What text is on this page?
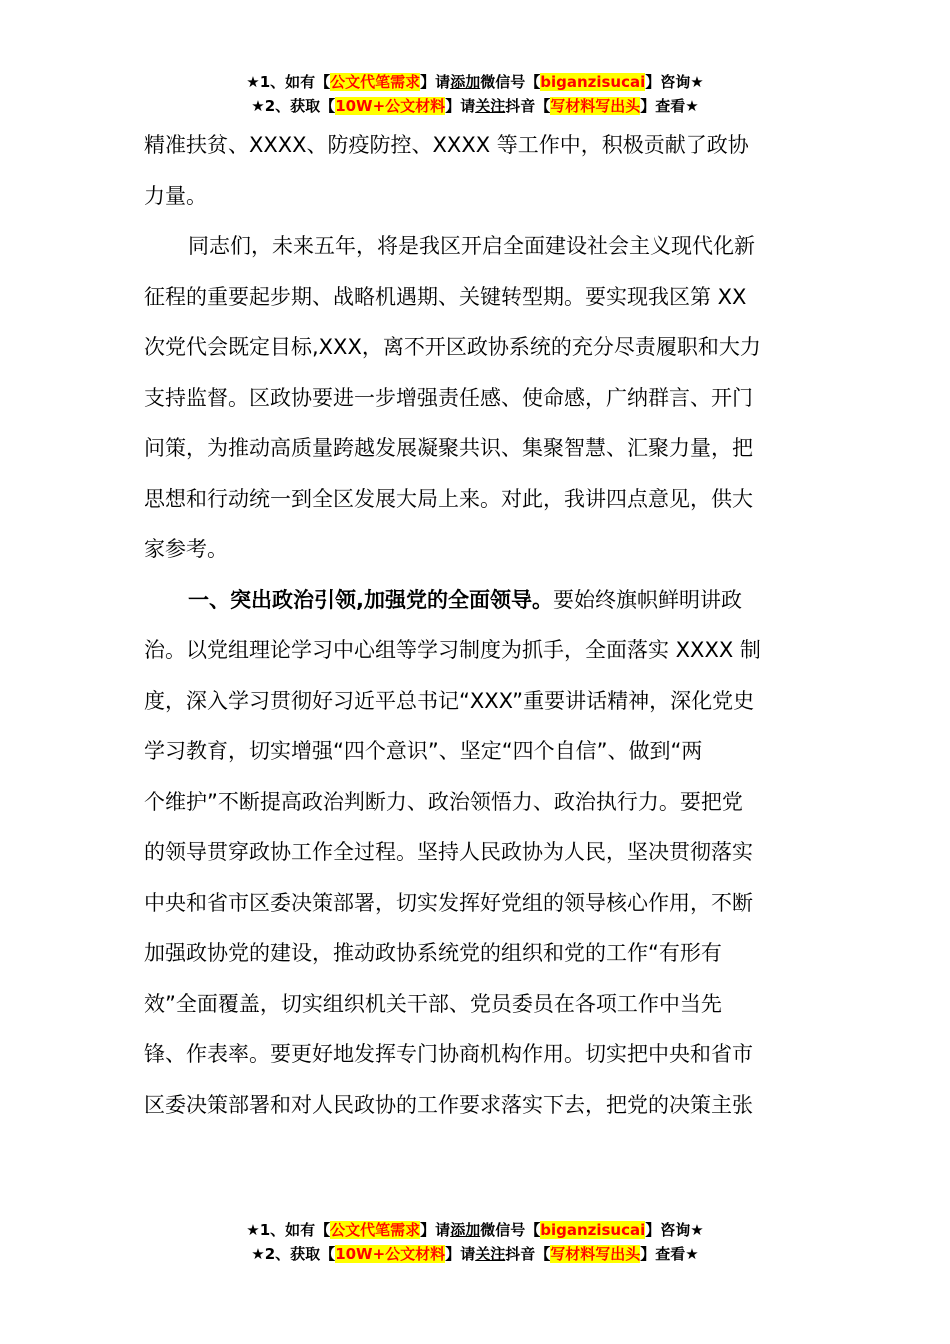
★1、如有【公文代笔需求】请添加微信号【biganzisucai】咨询★
★2、获取【10W+公文材料】请关注抖音【写材料写出头】查看★

精准扶贫、XXXX、防疫防控、XXXX 等工作中，积极贡献了政协

力量。

同志们，未来五年，将是我区开启全面建设社会主义现代化新

征程的重要起步期、战略机遇期、关键转型期。要实现我区第 XX

次党代会既定目标,XXX，离不开区政协系统的充分尽责履职和大力

支持监督。区政协要进一步增强责任感、使命感，广纳群言、开门

问策，为推动高质量跨越发展凝聚共识、集聚智慧、汇聚力量，把

思想和行动统一到全区发展大局上来。对此，我讲四点意见，供大

家参考。

一、突出政治引领,加强党的全面领导。要始终旗帜鲜明讲政

治。以党组理论学习中心组等学习制度为抓手，全面落实 XXXX 制

度，深入学习贯彻好习近平总书记“XXX”重要讲话精神，深化党史

学习教育，切实增强“四个意识”、坚定“四个自信”、做到“两

个维护”不断提高政治判断力、政治领悟力、政治执行力。要把党

的领导贯穿政协工作全过程。坚持人民政协为人民，坚决贯彻落实

中央和省市区委决策部署，切实发挥好党组的领导核心作用，不断

加强政协党的建设，推动政协系统党的组织和党的工作“有形有

效”全面覆盖，切实组织机关干部、党员委员在各项工作中当先

锋、作表率。要更好地发挥专门协商机构作用。切实把中央和省市

区委决策部署和对人民政协的工作要求落实下去，把党的决策主张

★1、如有【公文代笔需求】请添加微信号【biganzisucai】咨询★
★2、获取【10W+公文材料】请关注抖音【写材料写出头】查看★
